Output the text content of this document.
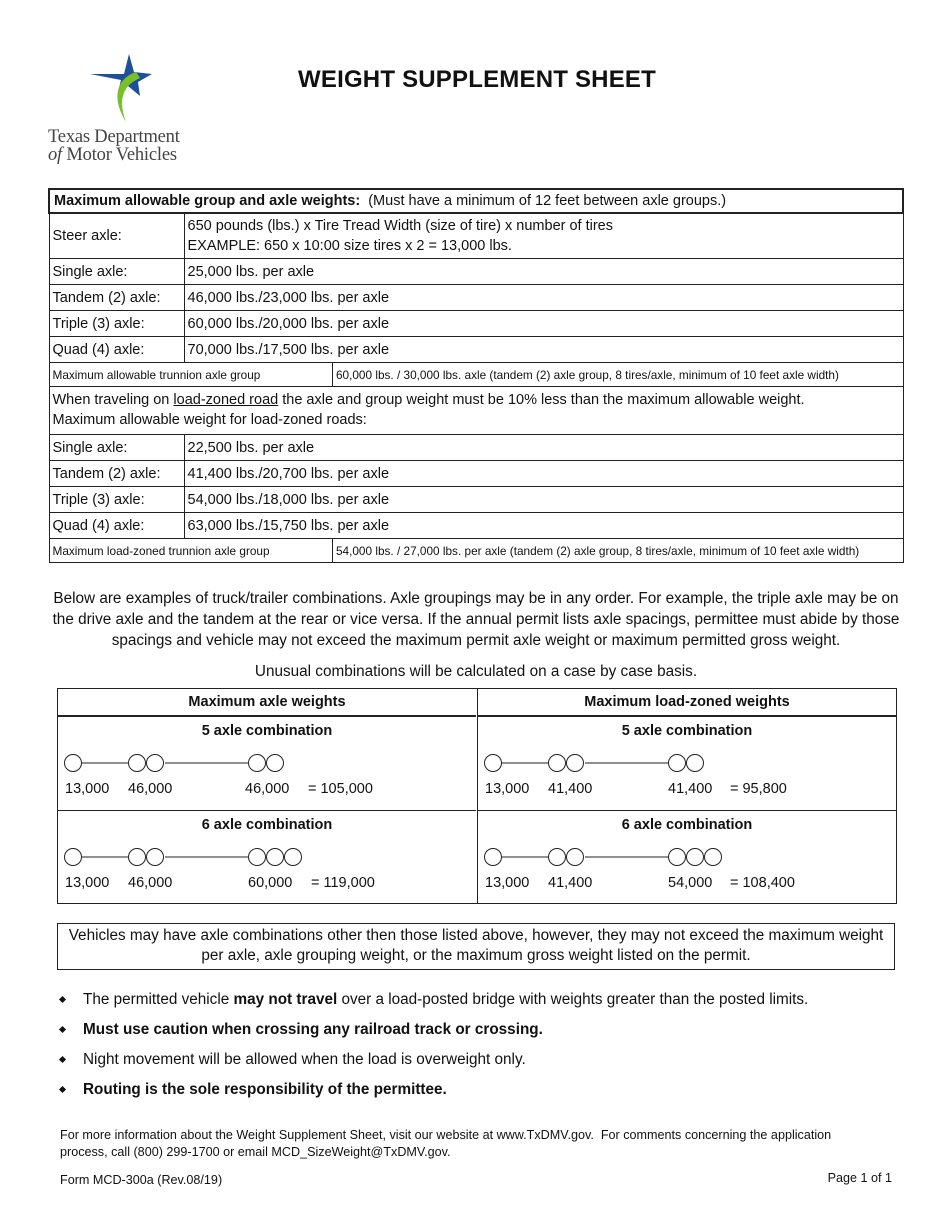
Texas Department
of Motor Vehicles
WEIGHT SUPPLEMENT SHEET
Maximum allowable group and axle weights:  (Must have a minimum of 12 feet between axle groups.)		
Steer axle:	650 pounds (lbs.) x Tire Tread Width (size of tire) x number of tires
EXAMPLE: 650 x 10:00 size tires x 2 = 13,000 lbs.	

Single axle:	25,000 lbs. per axle	
Tandem (2) axle:	46,000 lbs./23,000 lbs. per axle	
Triple (3) axle:	60,000 lbs./20,000 lbs. per axle	
Quad (4) axle:	70,000 lbs./17,500 lbs. per axle	
Maximum allowable trunnion axle group		60,000 lbs. / 30,000 lbs. axle (tandem (2) axle group, 8 tires/axle, minimum of 10 feet axle width)

When traveling on load-zoned road the axle and group weight must be 10% less than the maximum allowable weight.
Maximum allowable weight for load-zoned roads:		

Single axle:	22,500 lbs. per axle	
Tandem (2) axle:	41,400 lbs./20,700 lbs. per axle	
Triple (3) axle:	54,000 lbs./18,000 lbs. per axle	
Quad (4) axle:	63,000 lbs./15,750 lbs. per axle	
Maximum load-zoned trunnion axle group		54,000 lbs. / 27,000 lbs. per axle (tandem (2) axle group, 8 tires/axle, minimum of 10 feet axle width)
Below are examples of truck/trailer combinations. Axle groupings may be in any order. For example, the triple axle may be on the drive axle and the tandem at the rear or vice versa. If the annual permit lists axle spacings, permittee must abide by those spacings and vehicle may not exceed the maximum permit axle weight or maximum permitted gross weight.
Unusual combinations will be calculated on a case by case basis.
Maximum axle weights
5 axle combination
13,000 46,000	46,000 = 105,000
6 axle combination
13,000 46,000	60,000 = 119,000
Maximum load-zoned weights
5 axle combination
13,000 41,400	41,400 = 95,800
6 axle combination
13,000 41,400	54,000 = 108,400
Vehicles may have axle combinations other then those listed above, however, they may not exceed the maximum weight per axle, axle grouping weight, or the maximum gross weight listed on the permit.
The permitted vehicle may not travel over a load-posted bridge with weights greater than the posted limits.
Must use caution when crossing any railroad track or crossing.
Night movement will be allowed when the load is overweight only.
Routing is the sole responsibility of the permittee.
For more information about the Weight Supplement Sheet, visit our website at www.TxDMV.gov.  For comments concerning the application
process, call (800) 299-1700 or email MCD_SizeWeight@TxDMV.gov.
Form MCD-300a (Rev.08/19)	Page 1 of 1
